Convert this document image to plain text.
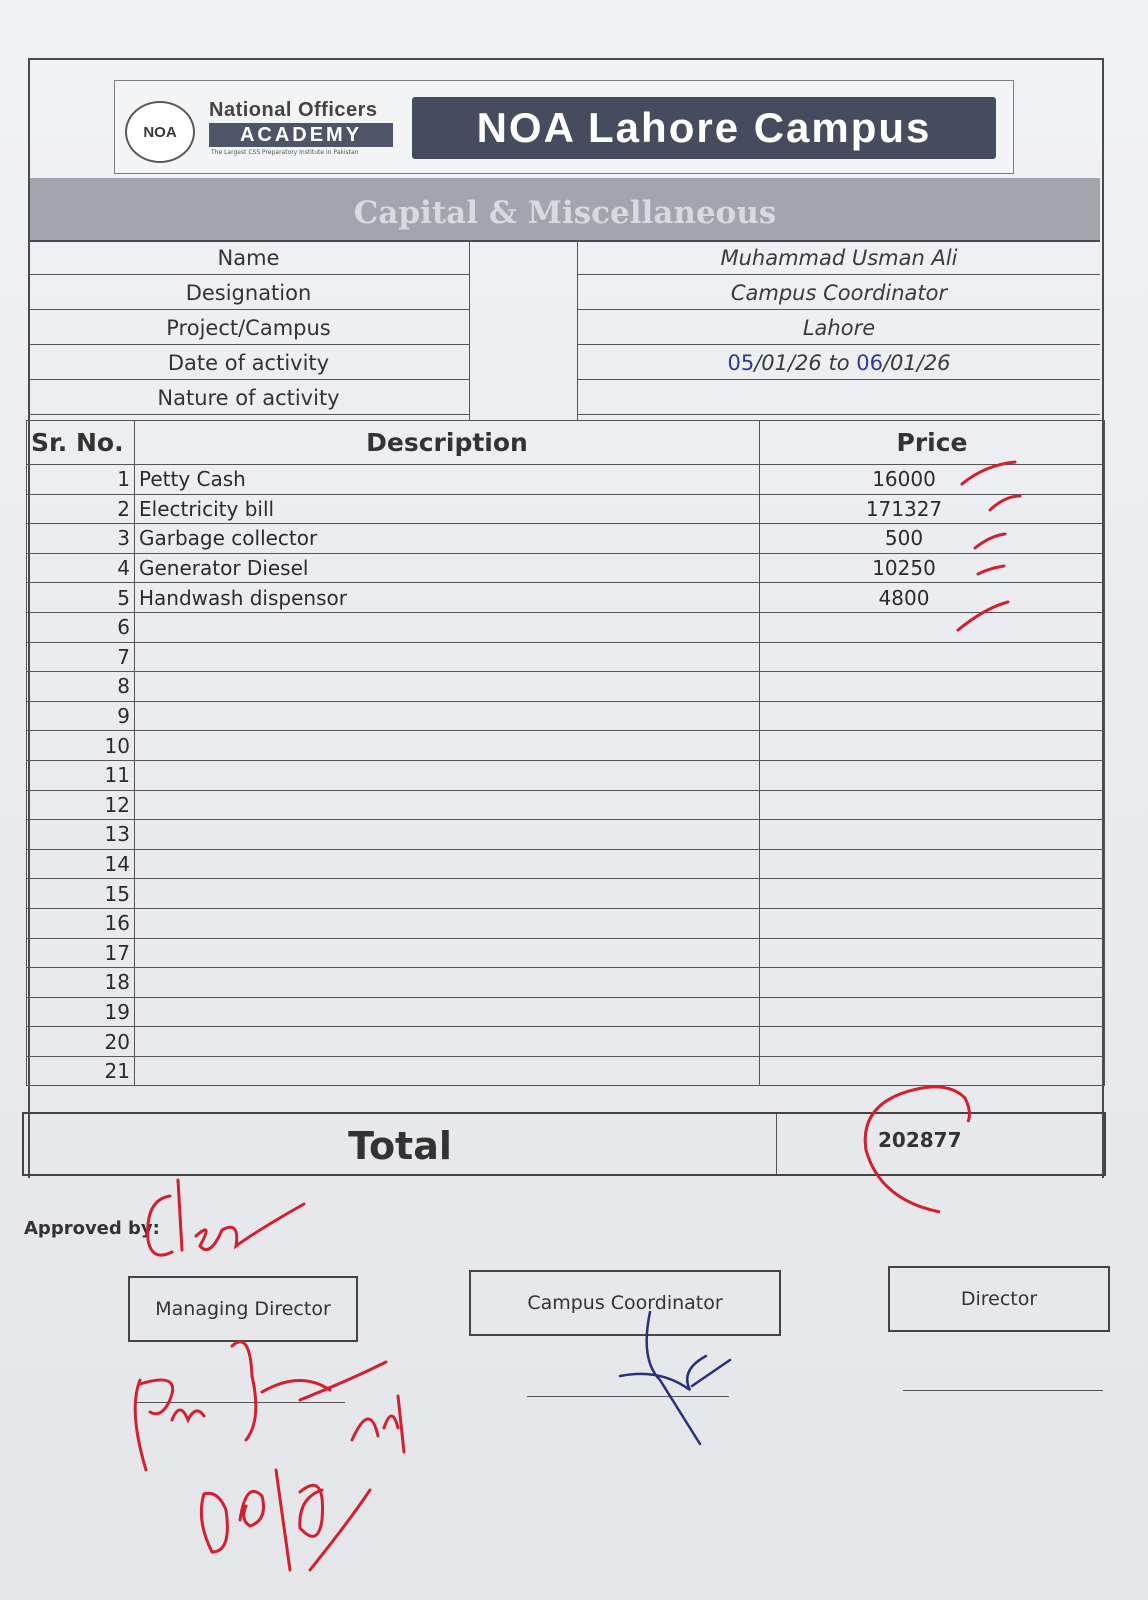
NOA
National Officers
ACADEMY
The Largest CSS Preparatory Institute in Pakistan
NOA Lahore Campus
Capital & Miscellaneous
Name	Muhammad Usman Ali
Designation	Campus Coordinator
Project/Campus	Lahore
Date of activity	05/01/26 to 06/01/26
Nature of activity
Sr. No.	Description	Price
1	Petty Cash	16000
2	Electricity bill	171327
3	Garbage collector	500
4	Generator Diesel	10250
5	Handwash dispensor	4800
6		
7		
8		
9		
10		
11		
12		
13		
14		
15		
16		
17		
18		
19		
20		
21		
Total	202877
Approved by:
Managing Director	Campus Coordinator	Director
